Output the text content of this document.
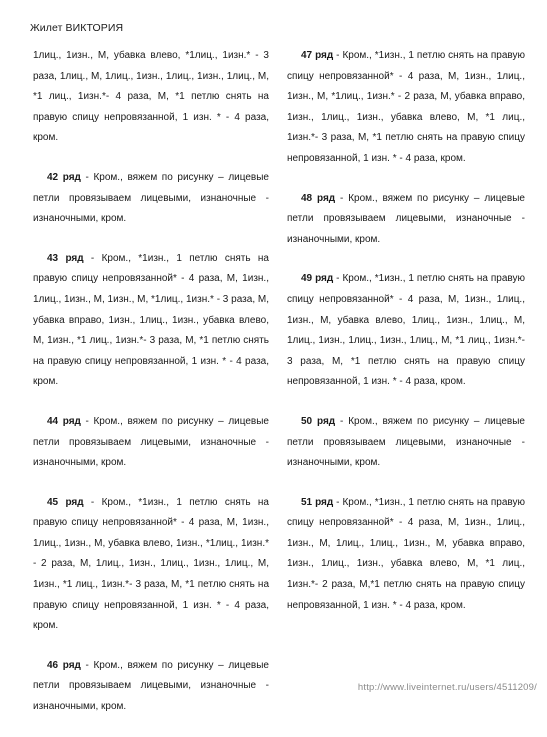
Жилет ВИКТОРИЯ

1лиц., 1изн., М, убавка влево, *1лиц., 1изн.* - 3 раза, 1лиц., М, 1лиц., 1изн., 1лиц., 1изн., 1лиц., М, *1 лиц., 1изн.*- 4 раза, М, *1 петлю снять на правую спицу непровязанной, 1 изн. * - 4 раза, кром.

42 ряд - Кром., вяжем по рисунку – лицевые петли провязываем лицевыми, изнаночные - изнаночными, кром.

43 ряд - Кром., *1изн., 1 петлю снять на правую спицу непровязанной* - 4 раза, М, 1изн., 1лиц., 1изн., М, 1изн., М, *1лиц., 1изн.* - 3 раза, М, убавка вправо, 1изн., 1лиц., 1изн., убавка влево, М, 1изн., *1 лиц., 1изн.*- 3 раза, М, *1 петлю снять на правую спицу непровязанной, 1 изн. * - 4 раза, кром.

44 ряд - Кром., вяжем по рисунку – лицевые петли провязываем лицевыми, изнаночные - изнаночными, кром.

45 ряд - Кром., *1изн., 1 петлю снять на правую спицу непровязанной* - 4 раза, М, 1изн., 1лиц., 1изн., М, убавка влево, 1изн., *1лиц., 1изн.* - 2 раза, М, 1лиц., 1изн., 1лиц., 1изн., 1лиц., М, 1изн., *1 лиц., 1изн.*- 3 раза, М, *1 петлю снять на правую спицу непровязанной, 1 изн. * - 4 раза, кром.

46 ряд - Кром., вяжем по рисунку – лицевые петли провязываем лицевыми, изнаночные - изнаночными, кром.

47 ряд - Кром., *1изн., 1 петлю снять на правую спицу непровязанной* - 4 раза, М, 1изн., 1лиц., 1изн., М, *1лиц., 1изн.* - 2 раза, М, убавка вправо, 1изн., 1лиц., 1изн., убавка влево, М, *1 лиц., 1изн.*- 3 раза, М, *1 петлю снять на правую спицу непровязанной, 1 изн. * - 4 раза, кром.

48 ряд - Кром., вяжем по рисунку – лицевые петли провязываем лицевыми, изнаночные - изнаночными, кром.

49 ряд - Кром., *1изн., 1 петлю снять на правую спицу непровязанной* - 4 раза, М, 1изн., 1лиц., 1изн., М, убавка влево, 1лиц., 1изн., 1лиц., М, 1лиц., 1изн., 1лиц., 1изн., 1лиц., М, *1 лиц., 1изн.*- 3 раза, М, *1 петлю снять на правую спицу непровязанной, 1 изн. * - 4 раза, кром.

50 ряд - Кром., вяжем по рисунку – лицевые петли провязываем лицевыми, изнаночные - изнаночными, кром.

51 ряд - Кром., *1изн., 1 петлю снять на правую спицу непровязанной* - 4 раза, М, 1изн., 1лиц., 1изн., М, 1лиц., 1лиц., 1изн., М, убавка вправо, 1изн., 1лиц., 1изн., убавка влево, М, *1 лиц., 1изн.*- 2 раза, М,*1 петлю снять на правую спицу непровязанной, 1 изн. * - 4 раза, кром.

http://www.liveinternet.ru/users/4511209/
